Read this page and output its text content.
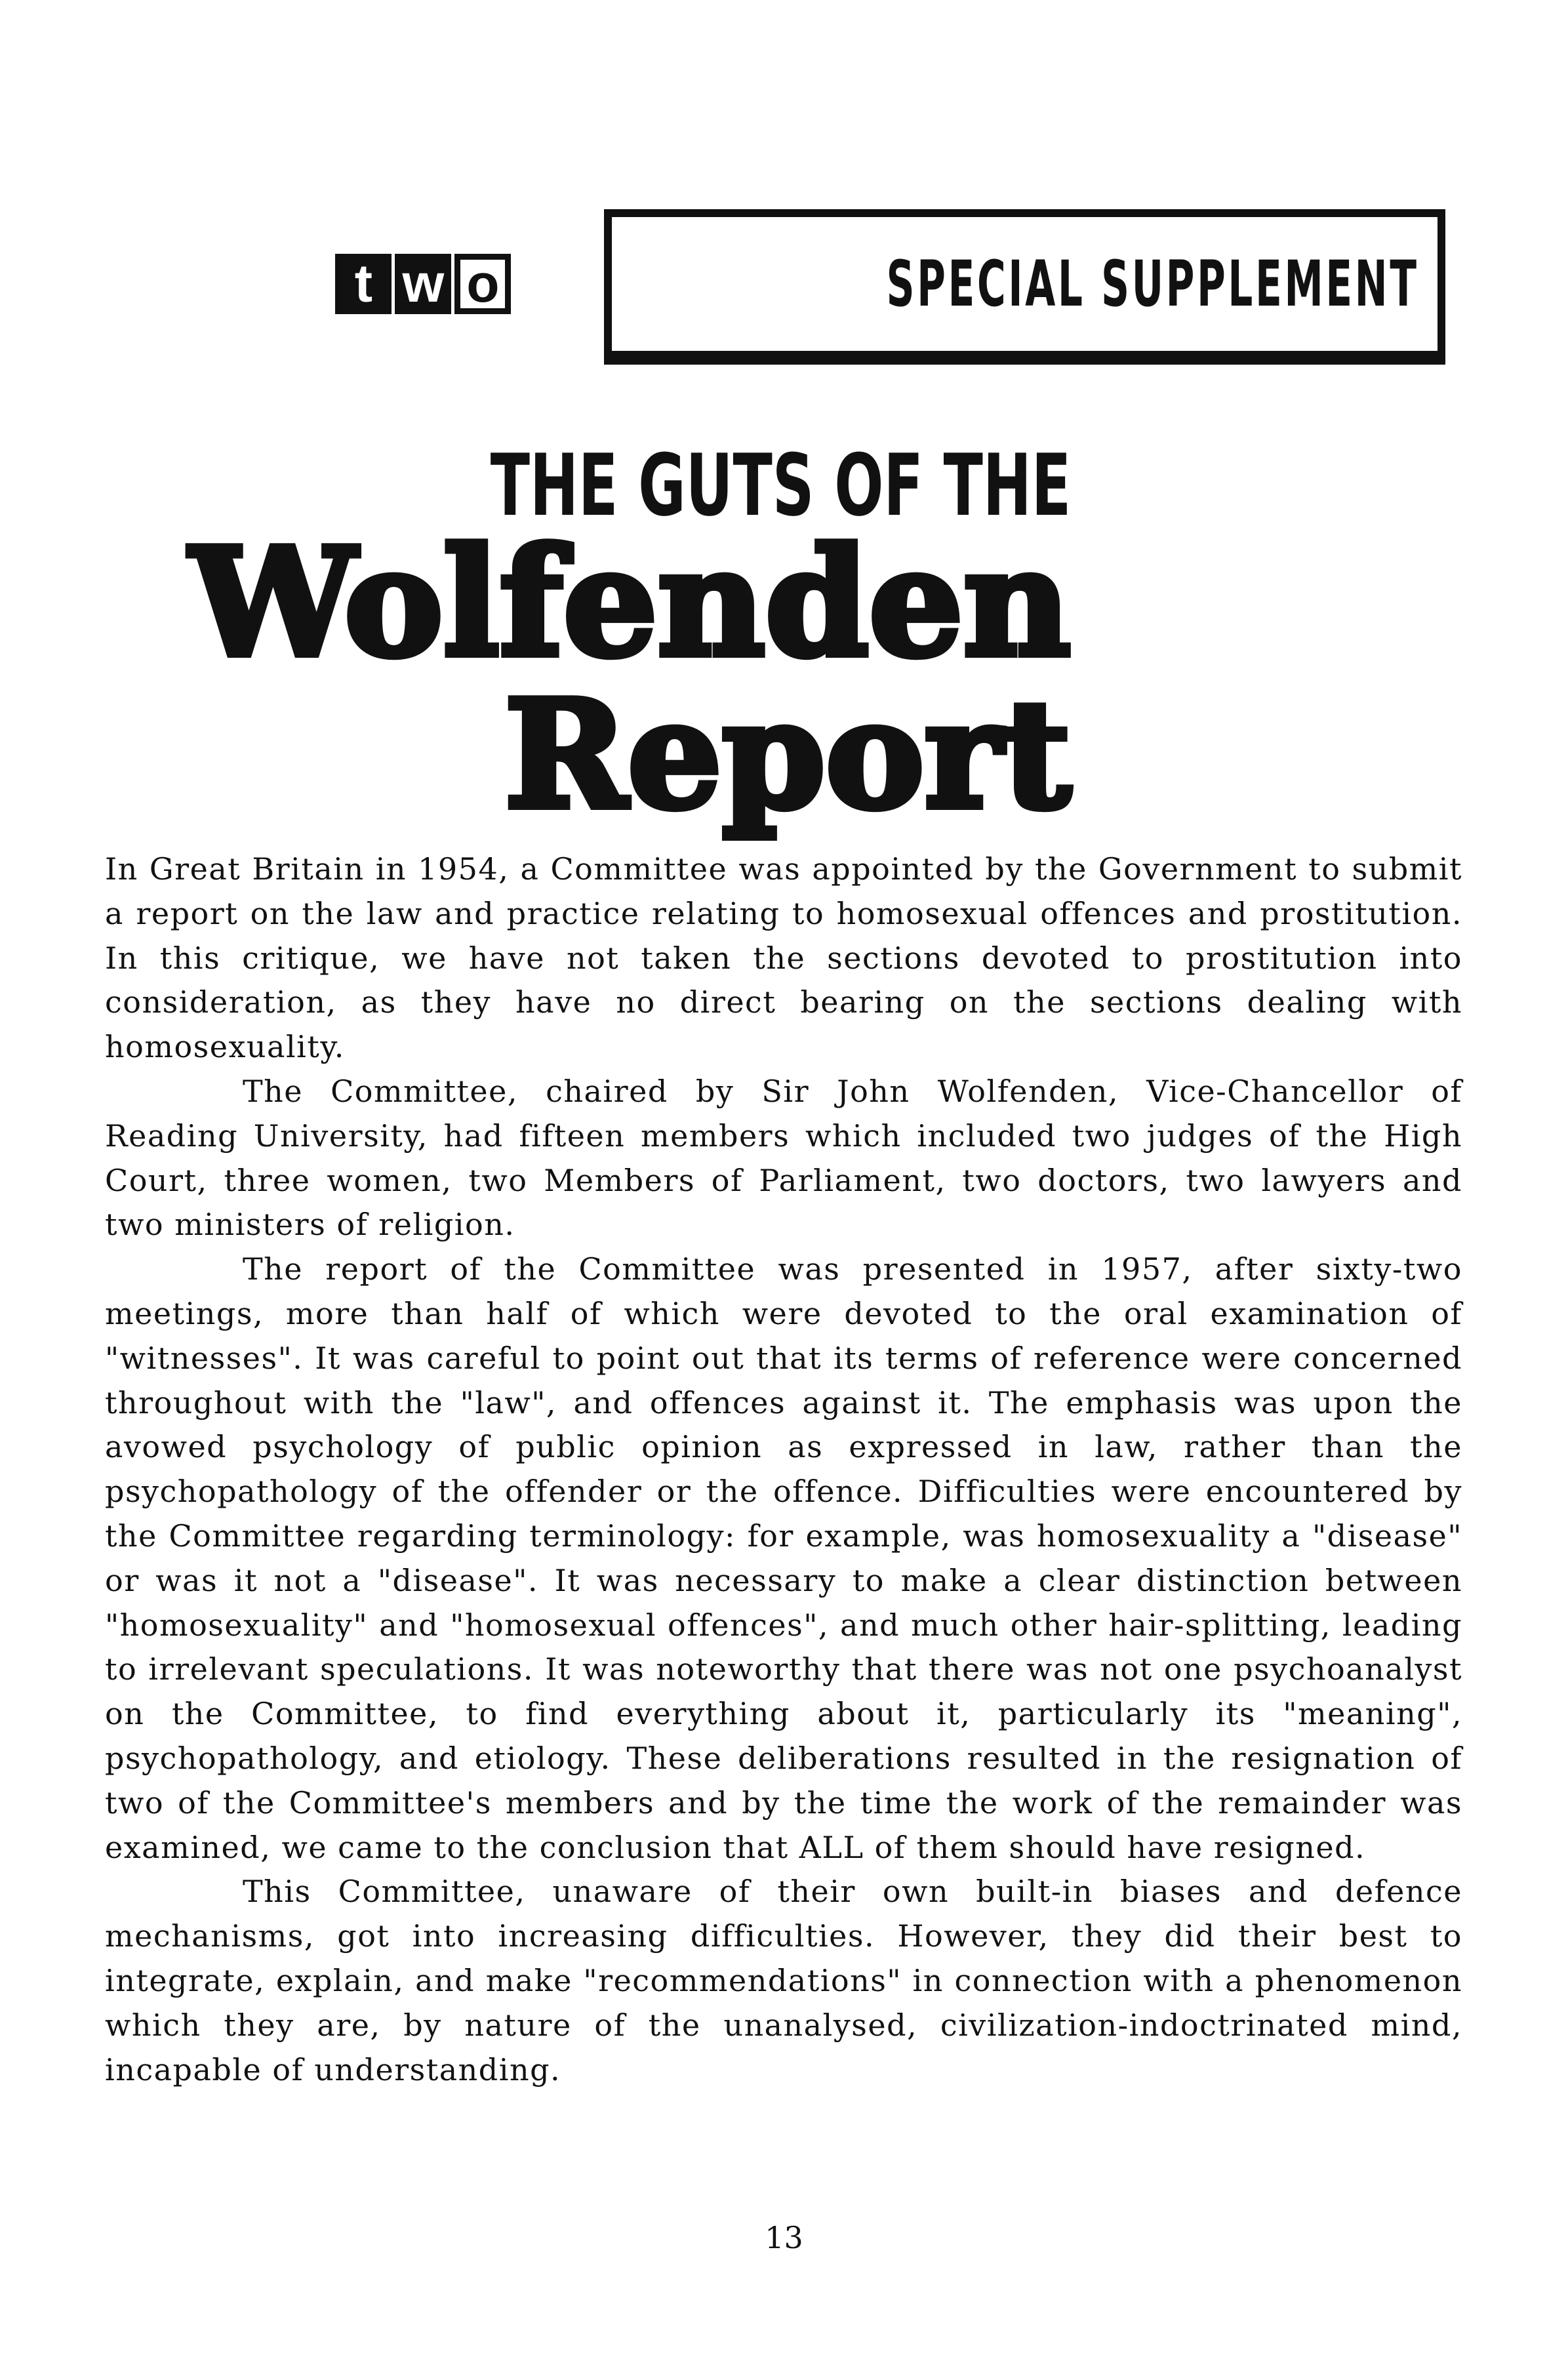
t w o	SPECIAL SUPPLEMENT
THE GUTS OF THE
Wolfenden
Report

In Great Britain in 1954, a Committee was appointed by the Government to submit a report on the law and practice relating to homosexual offences and prostitution. In this critique, we have not taken the sections devoted to prostitution into consideration, as they have no direct bearing on the sections dealing with homosexuality.

The Committee, chaired by Sir John Wolfenden, Vice-Chancellor of Reading University, had fifteen members which included two judges of the High Court, three women, two Members of Parliament, two doctors, two lawyers and two ministers of religion.

The report of the Committee was presented in 1957, after sixty-two meetings, more than half of which were devoted to the oral examination of "witnesses". It was careful to point out that its terms of reference were concerned throughout with the "law", and offences against it. The emphasis was upon the avowed psychology of public opinion as expressed in law, rather than the psychopathology of the offender or the offence. Difficulties were encountered by the Committee regarding terminology: for example, was homosexuality a "disease" or was it not a "disease". It was necessary to make a clear distinction between "homosexuality" and "homosexual offences", and much other hair-splitting, leading to irrelevant speculations. It was noteworthy that there was not one psychoanalyst on the Committee, to find everything about it, particularly its "meaning", psychopathology, and etiology. These deliberations resulted in the resignation of two of the Committee's members and by the time the work of the remainder was examined, we came to the conclusion that ALL of them should have resigned.

This Committee, unaware of their own built-in biases and defence mechanisms, got into increasing difficulties. However, they did their best to integrate, explain, and make "recommendations" in connection with a phenomenon which they are, by nature of the unanalysed, civilization-indoctrinated mind, incapable of understanding.

13
